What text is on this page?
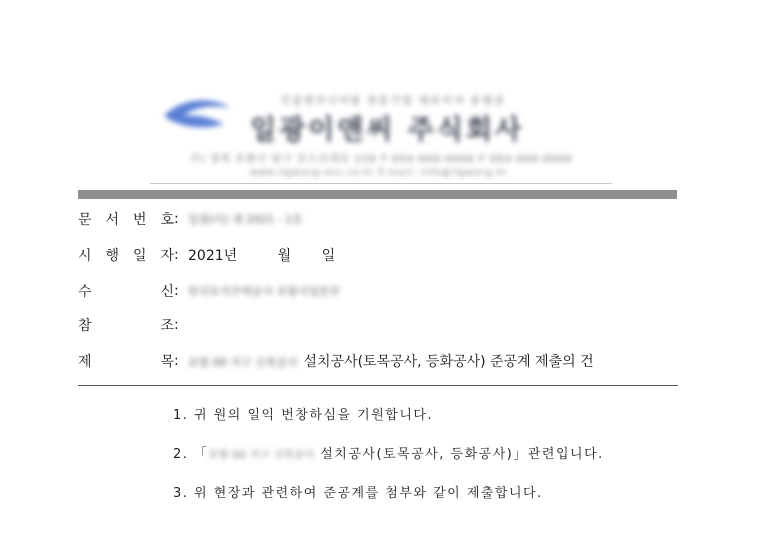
건설엔지니어링 전문기업 대표이사 송병삼
일광이앤씨 주식회사
주) 경북 포항시 남구 포스코대로 120 T 054-000-0000 F 054-000-0000
www.ilgwang-enc.co.kr E-mail: info@ilgwang.kr
문 서 번 호 : 일광(이) 제 2021 - 1호
시 행 일 자 : 2021년	월 일
수	신 : 한국토지주택공사 포항사업본부
참	조 :
제	목 : 포항 00 지구 신축공사 설치공사(토목공사, 등화공사) 준공계 제출의 건
1. 귀 원의 일익 번창하심을 기원합니다.
2. 「포항 00 지구 신축공사 설치공사(토목공사, 등화공사)」관련입니다.
3. 위 현장과 관련하여 준공계를 첨부와 같이 제출합니다.
